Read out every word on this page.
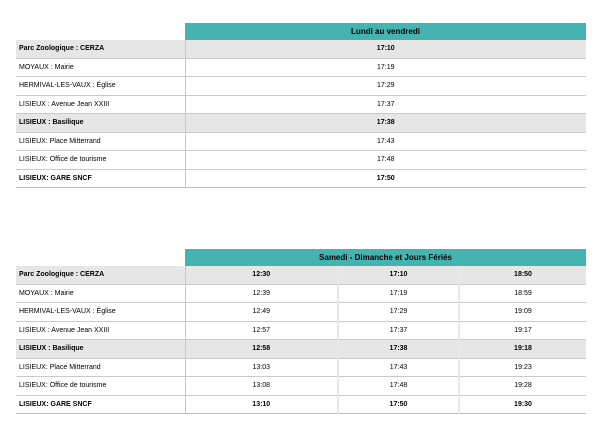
	Lundi au vendredi
Parc Zoologique : CERZA	17:10
MOYAUX : Mairie	17:19
HERMIVAL-LES-VAUX : Église	17:29
LISIEUX : Avenue Jean XXIII	17:37
LISIEUX : Basilique	17:38
LISIEUX: Place Mitterrand	17:43
LISIEUX: Office de tourisme	17:48
LISIEUX: GARE SNCF	17:50
	Samedi - Dimanche et Jours Fériés		
Parc Zoologique : CERZA	12:30	17:10	18:50
MOYAUX : Mairie	12:39	17:19	18:59
HERMIVAL-LES-VAUX : Église	12:49	17:29	19:09
LISIEUX : Avenue Jean XXIII	12:57	17:37	19:17
LISIEUX : Basilique	12:58	17:38	19:18
LISIEUX: Place Mitterrand	13:03	17:43	19:23
LISIEUX: Office de tourisme	13:08	17:48	19:28
LISIEUX: GARE SNCF	13:10	17:50	19:30
